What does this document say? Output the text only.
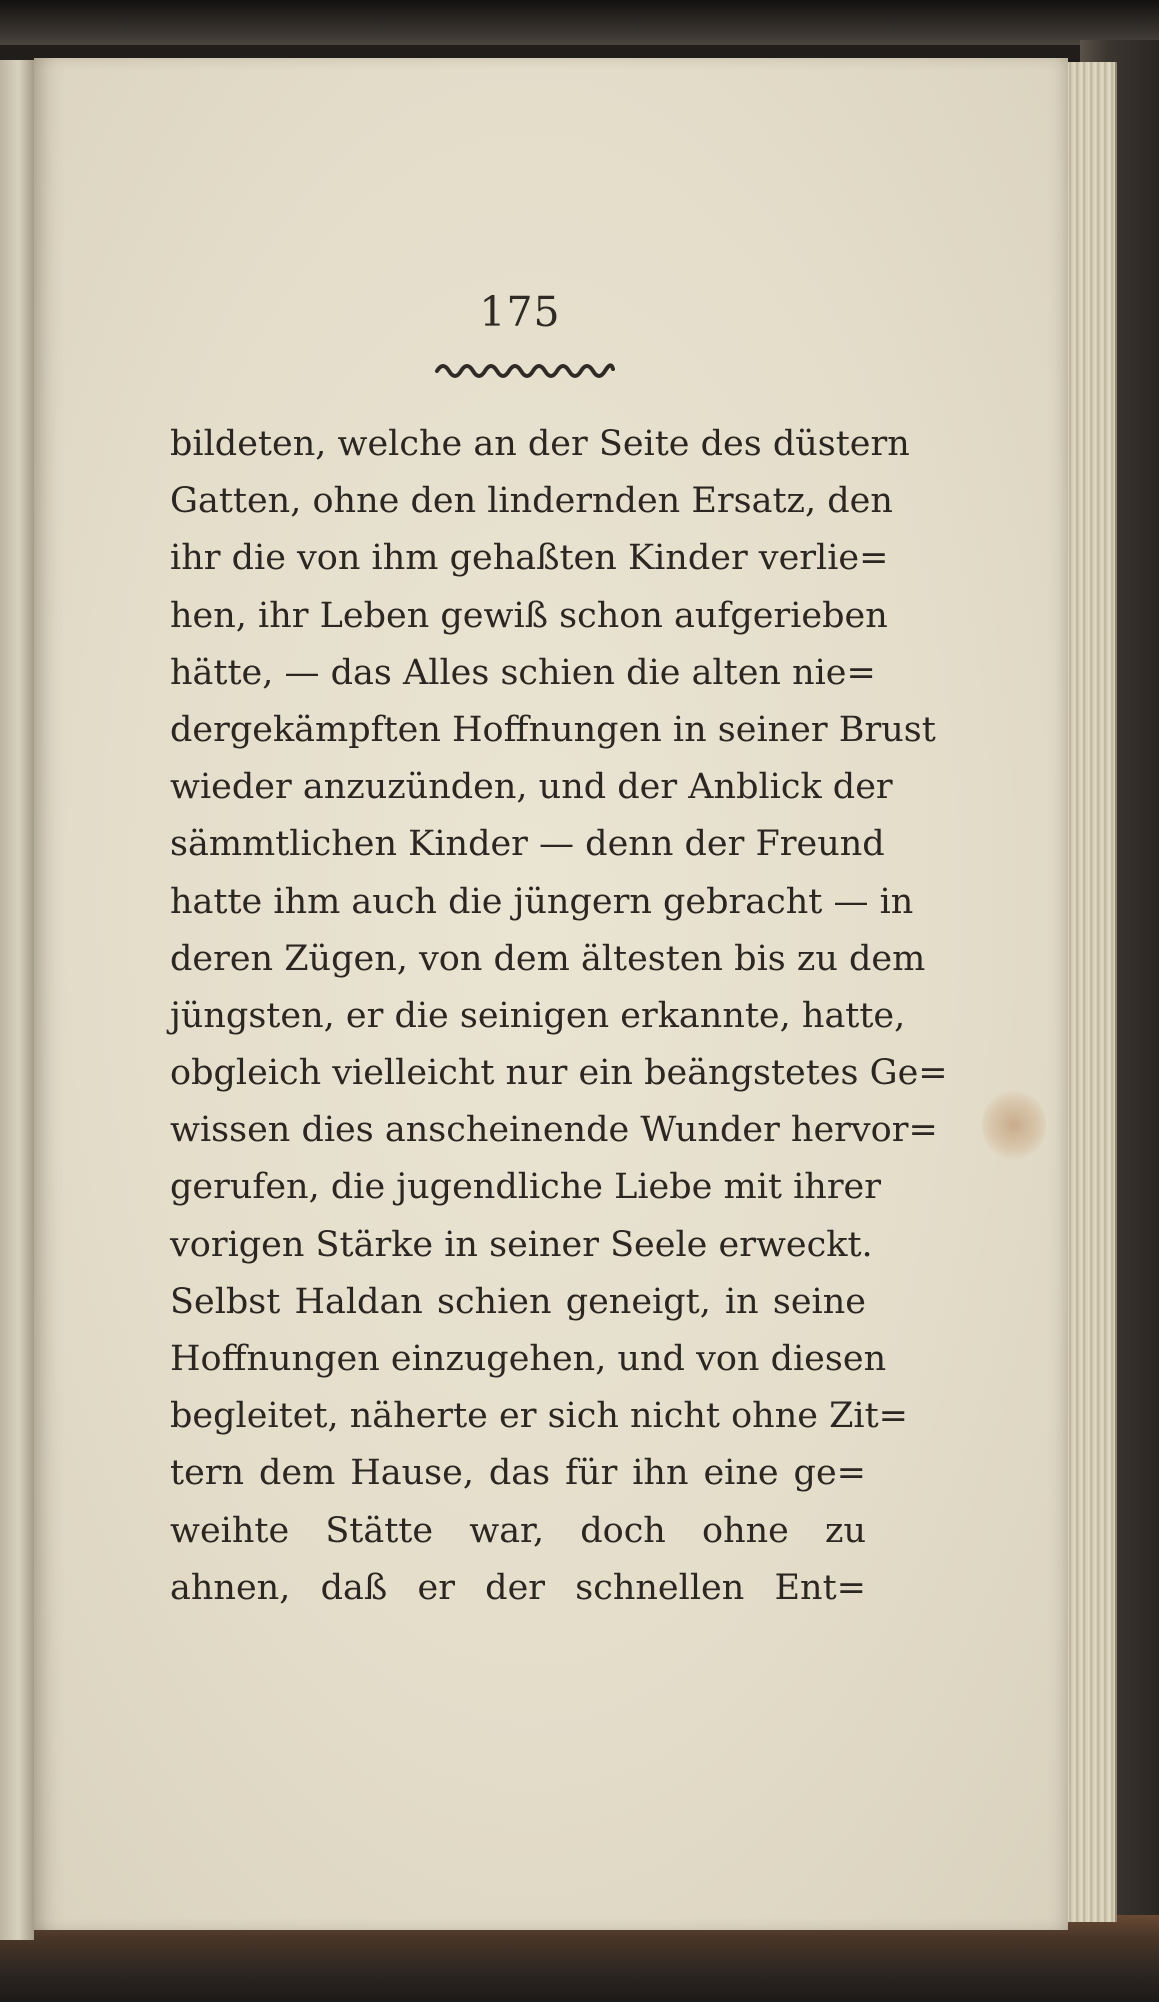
175
bildeten, welche an der Seite des düstern
Gatten, ohne den lindernden Ersatz, den
ihr die von ihm gehaßten Kinder verlie=
hen, ihr Leben gewiß schon aufgerieben
hätte, — das Alles schien die alten nie=
dergekämpften Hoffnungen in seiner Brust
wieder anzuzünden, und der Anblick der
sämmtlichen Kinder — denn der Freund
hatte ihm auch die jüngern gebracht — in
deren Zügen, von dem ältesten bis zu dem
jüngsten, er die seinigen erkannte, hatte,
obgleich vielleicht nur ein beängstetes Ge=
wissen dies anscheinende Wunder hervor=
gerufen, die jugendliche Liebe mit ihrer
vorigen Stärke in seiner Seele erweckt.
Selbst Haldan schien geneigt, in seine
Hoffnungen einzugehen, und von diesen
begleitet, näherte er sich nicht ohne Zit=
tern dem Hause, das für ihn eine ge=
weihte Stätte war, doch ohne zu
ahnen, daß er der schnellen Ent=
